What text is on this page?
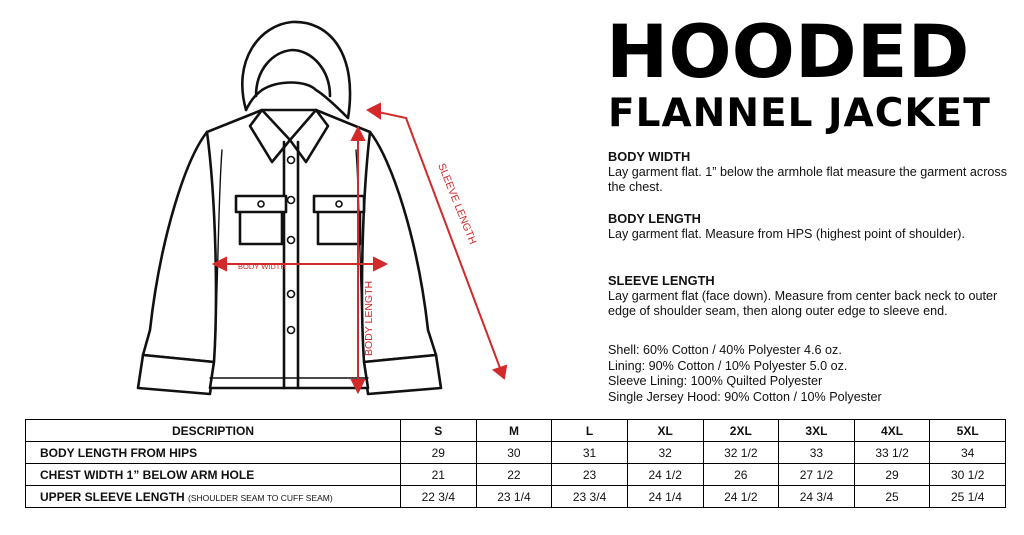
BODY WIDTH
BODY LENGTH
SLEEVE LENGTH
HOODED
FLANNEL JACKET
BODY WIDTH

Lay garment flat. 1” below the armhole flat measure the garment across the chest.

BODY LENGTH

Lay garment flat. Measure from HPS (highest point of shoulder).

SLEEVE LENGTH

Lay garment flat (face down). Measure from center back neck to outer edge of shoulder seam, then along outer edge to sleeve end.

Shell: 60% Cotton / 40% Polyester 4.6 oz.
Lining: 90% Cotton / 10% Polyester 5.0 oz.
Sleeve Lining: 100% Quilted Polyester
Single Jersey Hood: 90% Cotton / 10% Polyester
DESCRIPTION	S	M	L	XL	2XL	3XL	4XL	5XL
BODY LENGTH FROM HIPS	29	30	31	32	32 1/2	33	33 1/2	34
CHEST WIDTH 1” BELOW ARM HOLE	21	22	23	24 1/2	26	27 1/2	29	30 1/2
UPPER SLEEVE LENGTH (SHOULDER SEAM TO CUFF SEAM)	22 3/4	23 1/4	23 3/4	24 1/4	24 1/2	24 3/4	25	25 1/4
